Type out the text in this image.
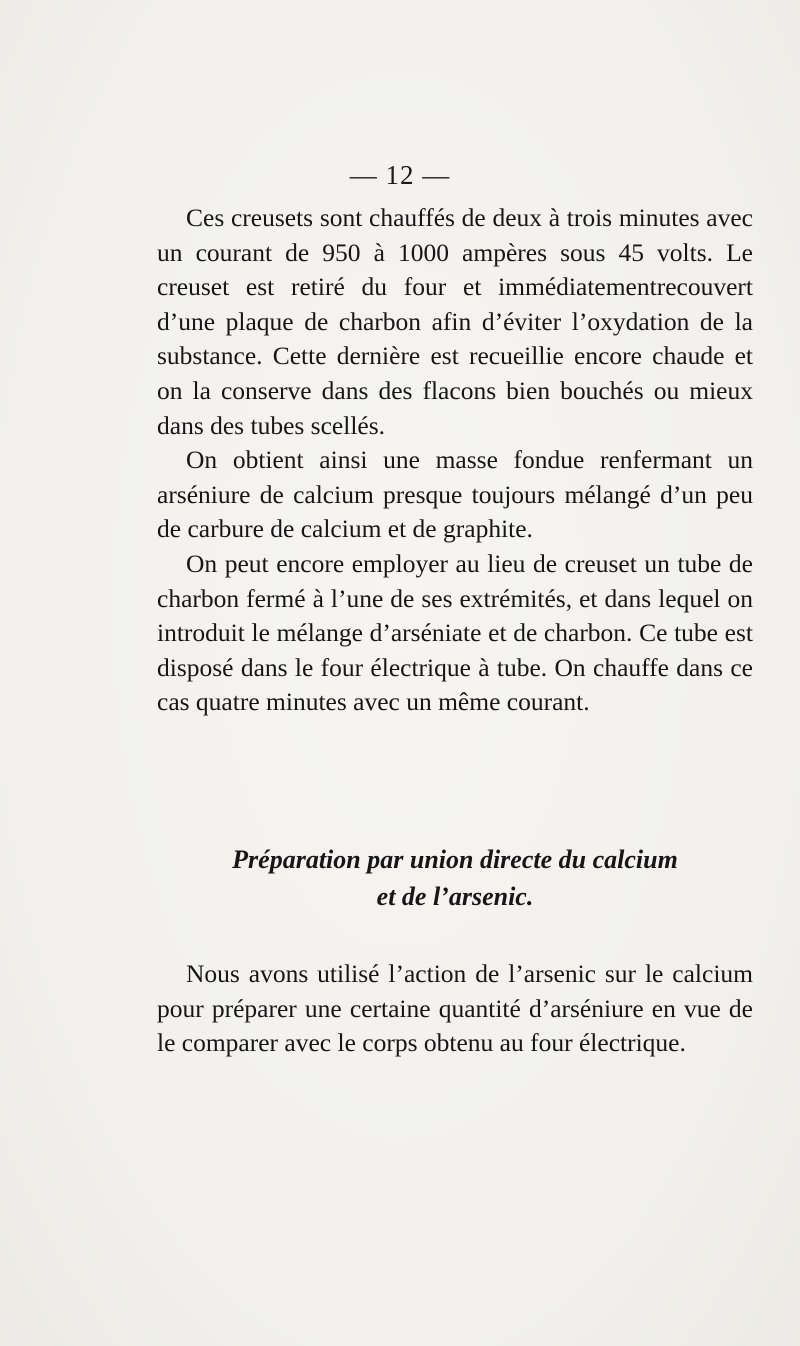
— 12 —

Ces creusets sont chauffés de deux à trois minutes avec un courant de 950 à 1000 ampères sous 45 volts. Le creuset est retiré du four et immédiatementrecouvert d’une plaque de charbon afin d’éviter l’oxydation de la substance. Cette dernière est recueillie encore chaude et on la conserve dans des flacons bien bouchés ou mieux dans des tubes scellés.

On obtient ainsi une masse fondue renfermant un arséniure de calcium presque toujours mélangé d’un peu de carbure de calcium et de graphite.

On peut encore employer au lieu de creuset un tube de charbon fermé à l’une de ses extrémités, et dans lequel on introduit le mélange d’arséniate et de charbon. Ce tube est disposé dans le four électrique à tube. On chauffe dans ce cas quatre minutes avec un même courant.

Préparation par union directe du calcium
et de l’arsenic.

Nous avons utilisé l’action de l’arsenic sur le calcium pour préparer une certaine quantité d’arséniure en vue de le comparer avec le corps obtenu au four électrique.
